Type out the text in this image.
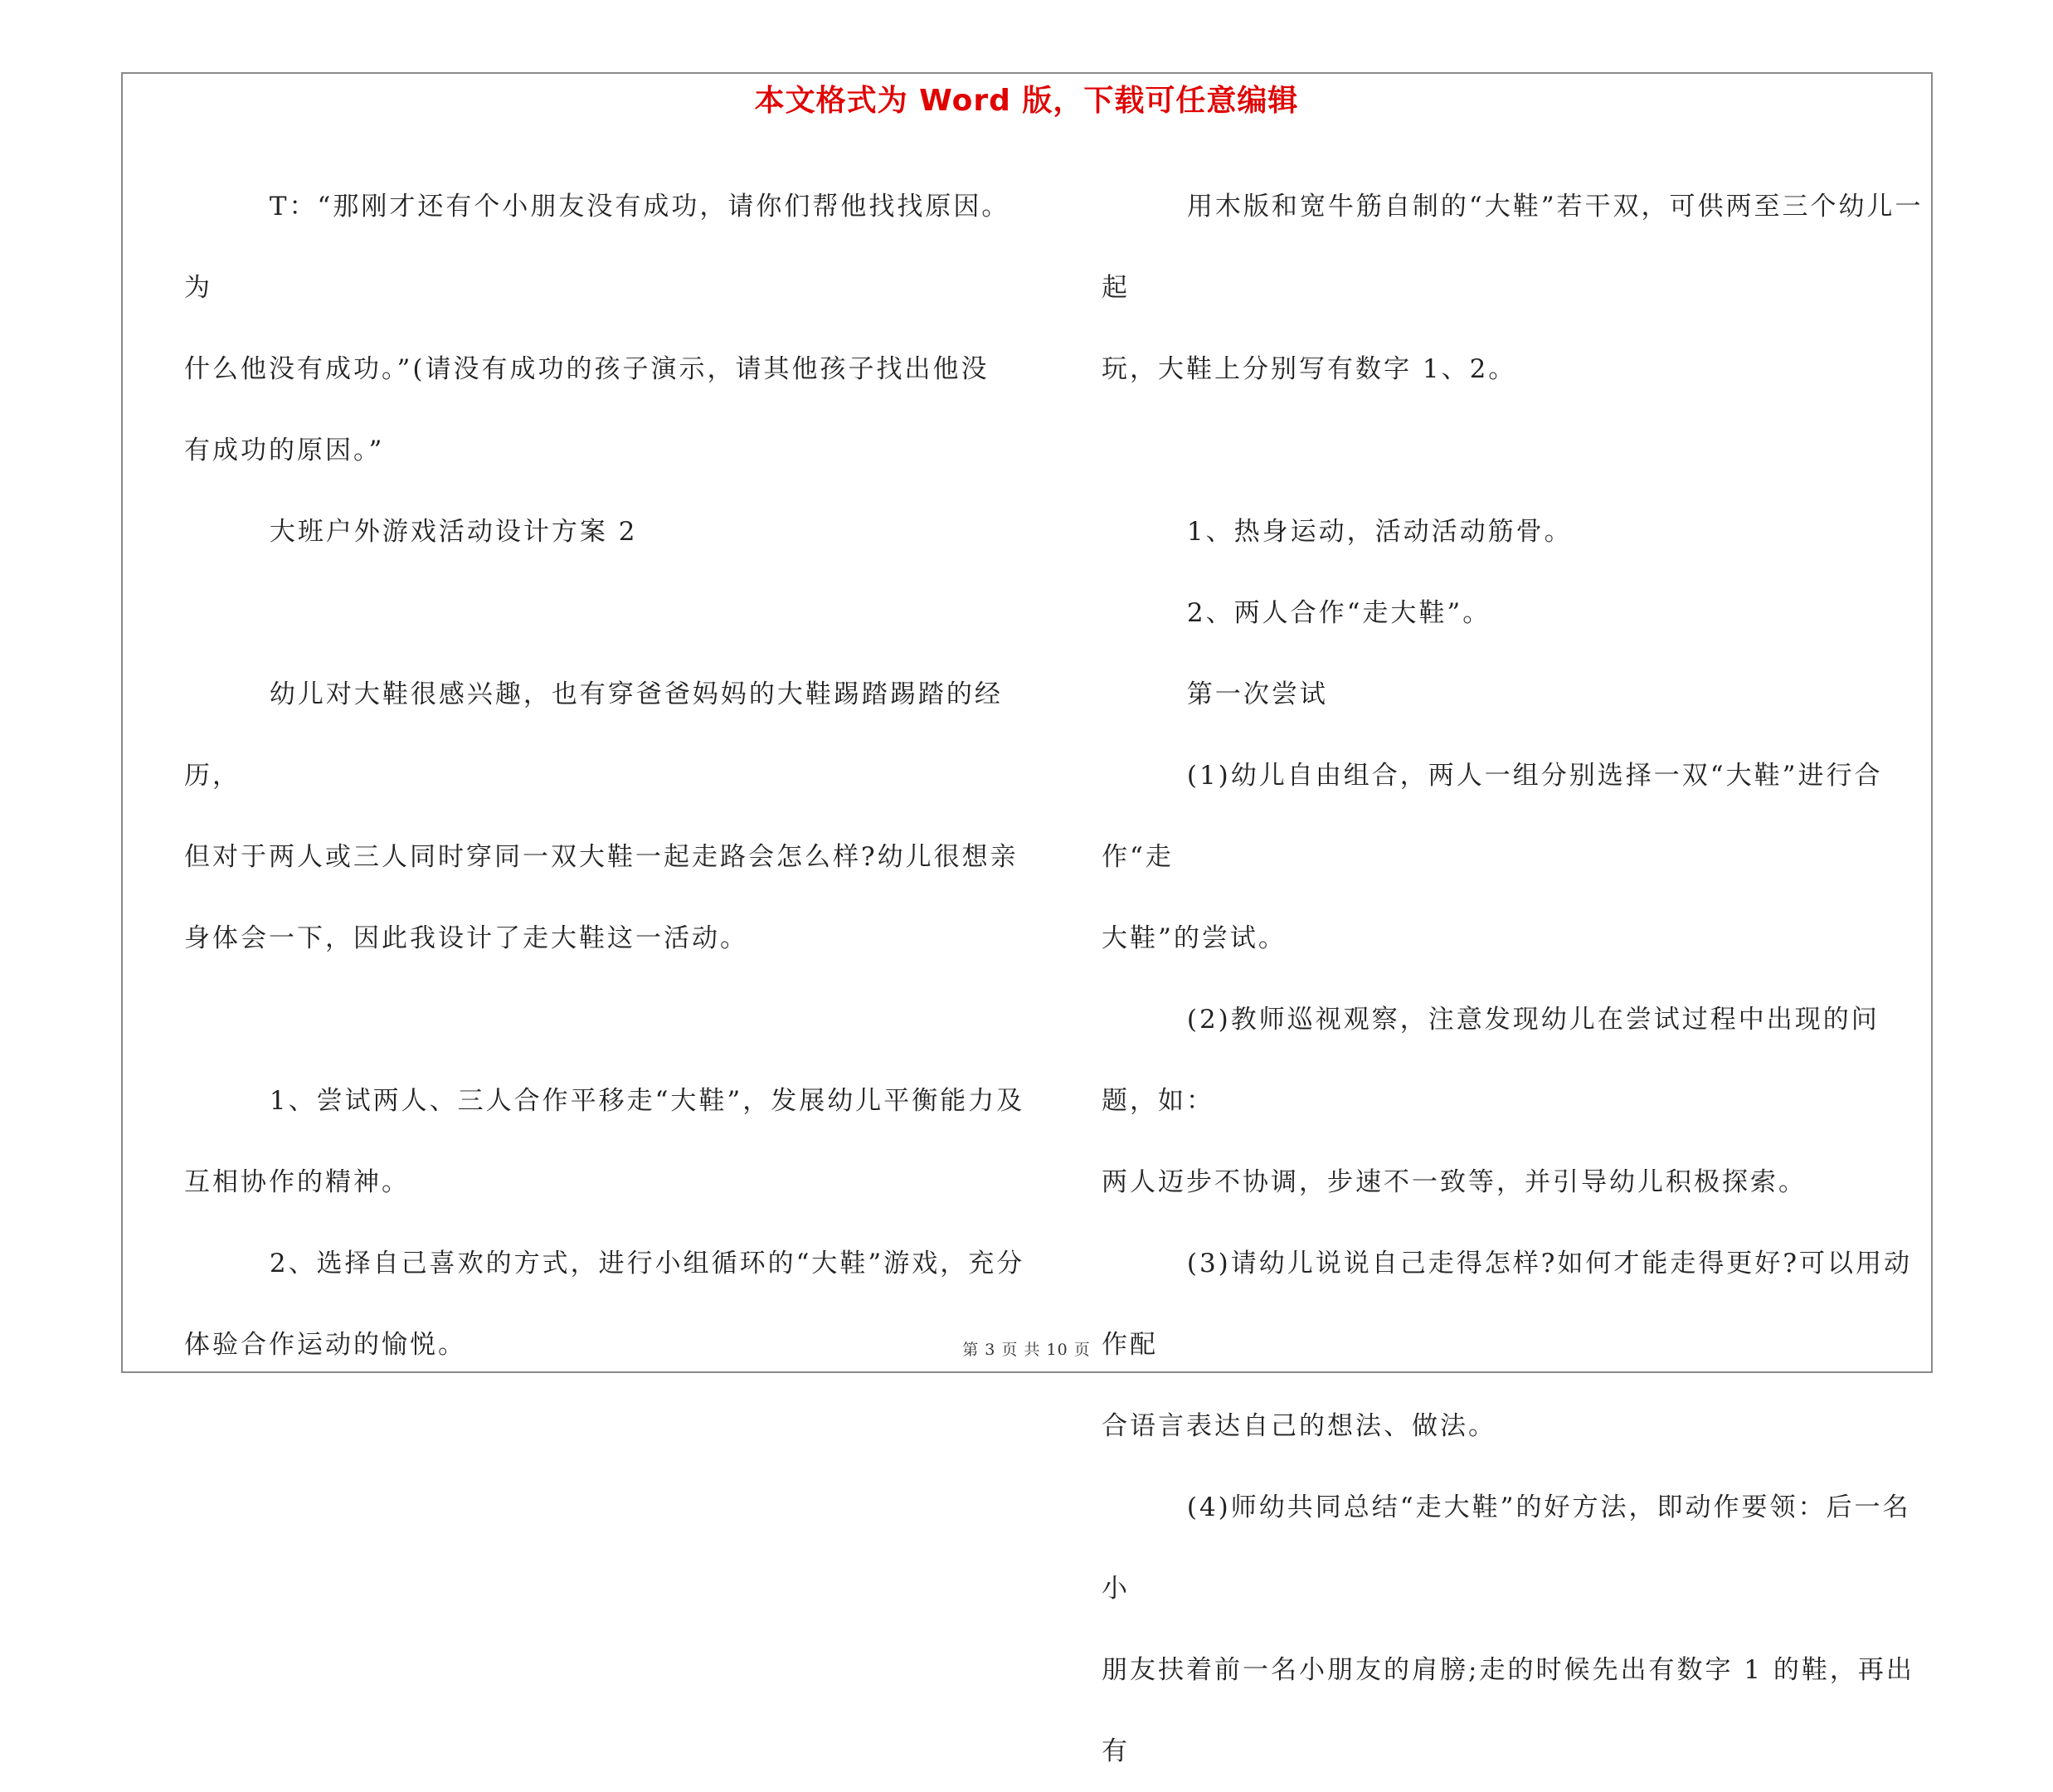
本文格式为 Word 版，下载可任意编辑

T：“那刚才还有个小朋友没有成功，请你们帮他找找原因。为

什么他没有成功。”(请没有成功的孩子演示，请其他孩子找出他没

有成功的原因。”

大班户外游戏活动设计方案 2

幼儿对大鞋很感兴趣，也有穿爸爸妈妈的大鞋踢踏踢踏的经历，

但对于两人或三人同时穿同一双大鞋一起走路会怎么样?幼儿很想亲

身体会一下，因此我设计了走大鞋这一活动。

1、尝试两人、三人合作平移走“大鞋”，发展幼儿平衡能力及

互相协作的精神。

2、选择自己喜欢的方式，进行小组循环的“大鞋”游戏，充分

体验合作运动的愉悦。

用木版和宽牛筋自制的“大鞋”若干双，可供两至三个幼儿一起

玩，大鞋上分别写有数字 1、2。

1、热身运动，活动活动筋骨。

2、两人合作“走大鞋”。

第一次尝试

(1)幼儿自由组合，两人一组分别选择一双“大鞋”进行合作“走

大鞋”的尝试。

(2)教师巡视观察，注意发现幼儿在尝试过程中出现的问题，如：

两人迈步不协调，步速不一致等，并引导幼儿积极探索。

(3)请幼儿说说自己走得怎样?如何才能走得更好?可以用动作配

合语言表达自己的想法、做法。

(4)师幼共同总结“走大鞋”的好方法，即动作要领：后一名小

朋友扶着前一名小朋友的肩膀;走的时候先出有数字 1 的鞋，再出有

第 3 页 共 10 页
